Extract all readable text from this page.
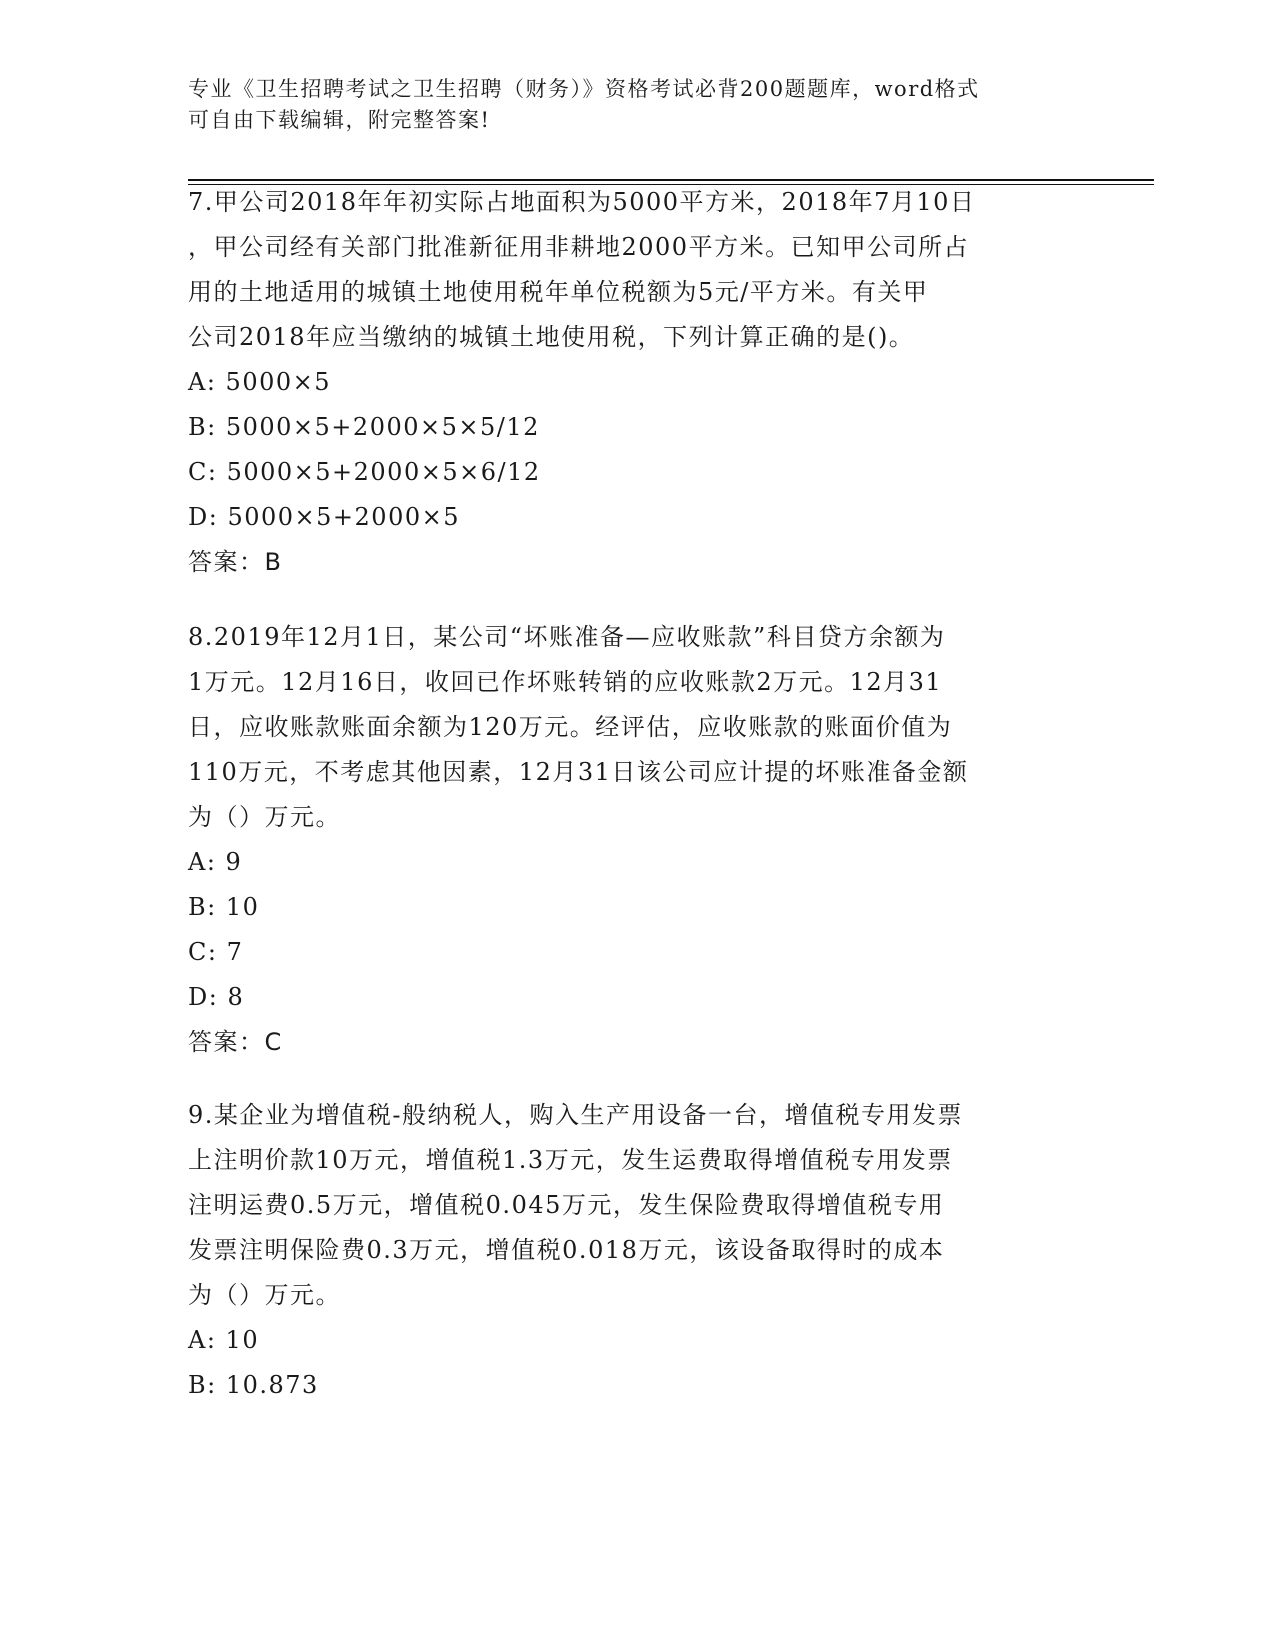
专业《卫生招聘考试之卫生招聘（财务）》资格考试必背200题题库，word格式
可自由下载编辑，附完整答案!
7.甲公司2018年年初实际占地面积为5000平方米，2018年7月10日
，甲公司经有关部门批准新征用非耕地2000平方米。已知甲公司所占
用的土地适用的城镇土地使用税年单位税额为5元/平方米。有关甲
公司2018年应当缴纳的城镇土地使用税，下列计算正确的是()。
A: 5000×5
B: 5000×5+2000×5×5/12
C: 5000×5+2000×5×6/12
D: 5000×5+2000×5
答案：B
8.2019年12月1日，某公司“坏账准备—应收账款”科目贷方余额为
1万元。12月16日，收回已作坏账转销的应收账款2万元。12月31
日，应收账款账面余额为120万元。经评估，应收账款的账面价值为
110万元，不考虑其他因素，12月31日该公司应计提的坏账准备金额
为（）万元。
A: 9
B: 10
C: 7
D: 8
答案：C
9.某企业为增值税-般纳税人，购入生产用设备一台，增值税专用发票
上注明价款10万元，增值税1.3万元，发生运费取得增值税专用发票
注明运费0.5万元，增值税0.045万元，发生保险费取得增值税专用
发票注明保险费0.3万元，增值税0.018万元，该设备取得时的成本
为（）万元。
A: 10
B: 10.873
